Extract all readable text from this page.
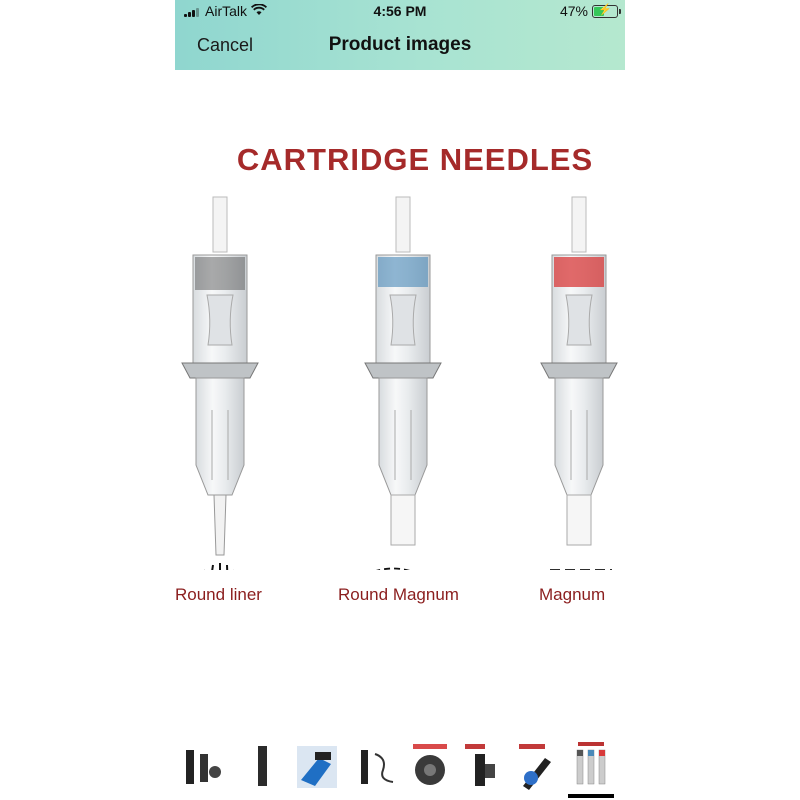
AirTalk	4:56 PM	47% ⚡
Cancel	Product images
CARTRIDGE NEEDLES
Round liner	Round Magnum	Magnum
